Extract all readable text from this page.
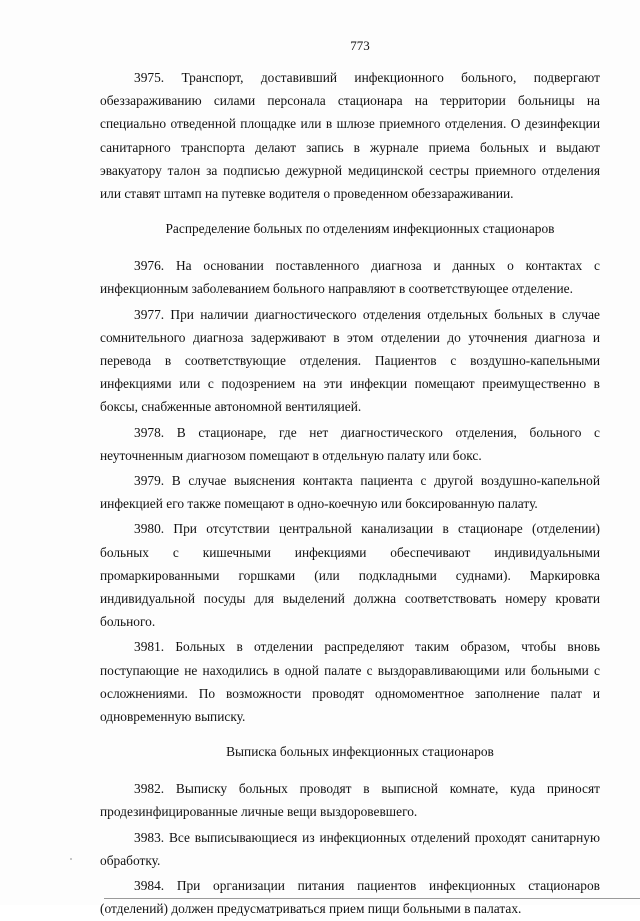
773

3975. Транспорт, доставивший инфекционного больного, подвергают обеззараживанию силами персонала стационара на территории больницы на специально отведенной площадке или в шлюзе приемного отделения. О дезинфекции санитарного транспорта делают запись в журнале приема больных и выдают эвакуатору талон за подписью дежурной медицинской сестры приемного отделения или ставят штамп на путевке водителя о проведенном обеззараживании.

Распределение больных по отделениям инфекционных стационаров

3976. На основании поставленного диагноза и данных о контактах с инфекционным заболеванием больного направляют в соответствующее отделение.

3977. При наличии диагностического отделения отдельных больных в случае сомнительного диагноза задерживают в этом отделении до уточнения диагноза и перевода в соответствующие отделения. Пациентов с воздушно-капельными инфекциями или с подозрением на эти инфекции помещают преимущественно в боксы, снабженные автономной вентиляцией.

3978. В стационаре, где нет диагностического отделения, больного с неуточненным диагнозом помещают в отдельную палату или бокс.

3979. В случае выяснения контакта пациента с другой воздушно-капельной инфекцией его также помещают в одно-коечную или боксированную палату.

3980. При отсутствии центральной канализации в стационаре (отделении) больных с кишечными инфекциями обеспечивают индивидуальными промаркированными горшками (или подкладными суднами). Маркировка индивидуальной посуды для выделений должна соответствовать номеру кровати больного.

3981. Больных в отделении распределяют таким образом, чтобы вновь поступающие не находились в одной палате с выздоравливающими или больными с осложнениями. По возможности проводят одномоментное заполнение палат и одновременную выписку.

Выписка больных инфекционных стационаров

3982. Выписку больных проводят в выписной комнате, куда приносят продезинфицированные личные вещи выздоровевшего.

3983. Все выписывающиеся из инфекционных отделений проходят санитарную обработку.

3984. При организации питания пациентов инфекционных стационаров (отделений) должен предусматриваться прием пищи больными в палатах.
